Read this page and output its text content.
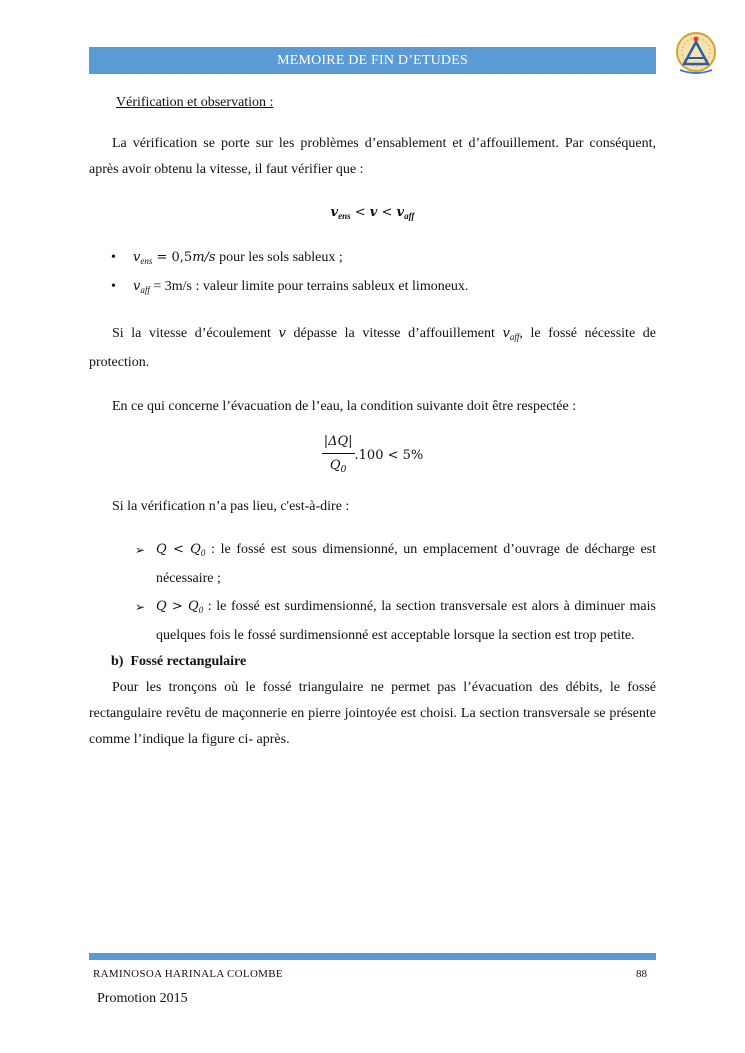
MEMOIRE DE FIN D’ETUDES

Vérification et observation :

La vérification se porte sur les problèmes d’ensablement et d’affouillement. Par conséquent, après avoir obtenu la vitesse, il faut vérifier que :

$v_{ens} < v < v_{aff}$

• $v_{ens} = 0,5m/s$ pour les sols sableux ;
• $v_{aff} = 3m/s$ : valeur limite pour terrains sableux et limoneux.

Si la vitesse d’écoulement v dépasse la vitesse d’affouillement $v_{aff}$, le fossé nécessite de protection.

En ce qui concerne l’évacuation de l’eau, la condition suivante doit être respectée :

$\frac{|\Delta Q|}{Q_0} .100 < 5\%$

Si la vérification n’a pas lieu, c'est-à-dire :

➢ $Q < Q_0$ : le fossé est sous dimensionné, un emplacement d’ouvrage de décharge est nécessaire ;
➢ $Q > Q_0$ : le fossé est surdimensionné, la section transversale est alors à diminuer mais quelques fois le fossé surdimensionné est acceptable lorsque la section est trop petite.

b) Fossé rectangulaire

Pour les tronçons où le fossé triangulaire ne permet pas l’évacuation des débits, le fossé rectangulaire revêtu de maçonnerie en pierre jointoyée est choisi. La section transversale se présente comme l’indique la figure ci- après.

RAMINOSOA HARINALA COLOMBE	88
Promotion 2015
